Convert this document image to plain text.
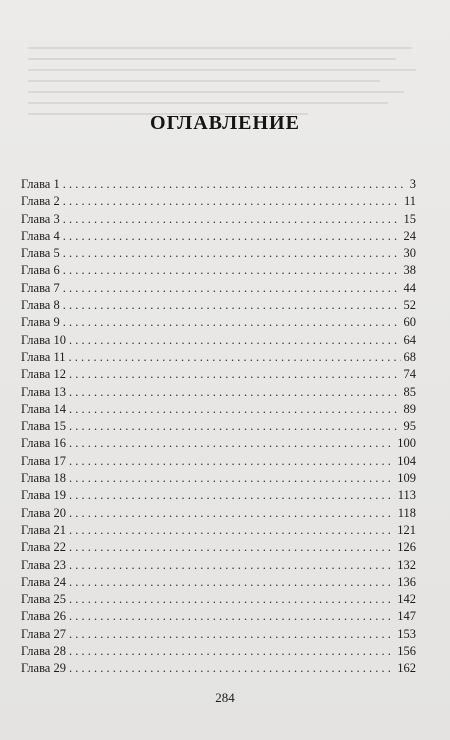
ОГЛАВЛЕНИЕ
Глава 1 . . .	3
Глава 2 . . .	11
Глава 3 . . .	15
Глава 4 . . .	24
Глава 5 . . .	30
Глава 6 . . .	38
Глава 7 . . .	44
Глава 8 . . .	52
Глава 9 . . .	60
Глава 10 . . .	64
Глава 11 . . .	68
Глава 12 . . .	74
Глава 13 . . .	85
Глава 14 . . .	89
Глава 15 . . .	95
Глава 16 . . .	100
Глава 17 . . .	104
Глава 18 . . .	109
Глава 19 . . .	113
Глава 20 . . .	118
Глава 21 . . .	121
Глава 22 . . .	126
Глава 23 . . .	132
Глава 24 . . .	136
Глава 25 . . .	142
Глава 26 . . .	147
Глава 27 . . .	153
Глава 28 . . .	156
Глава 29 . . .	162
284
